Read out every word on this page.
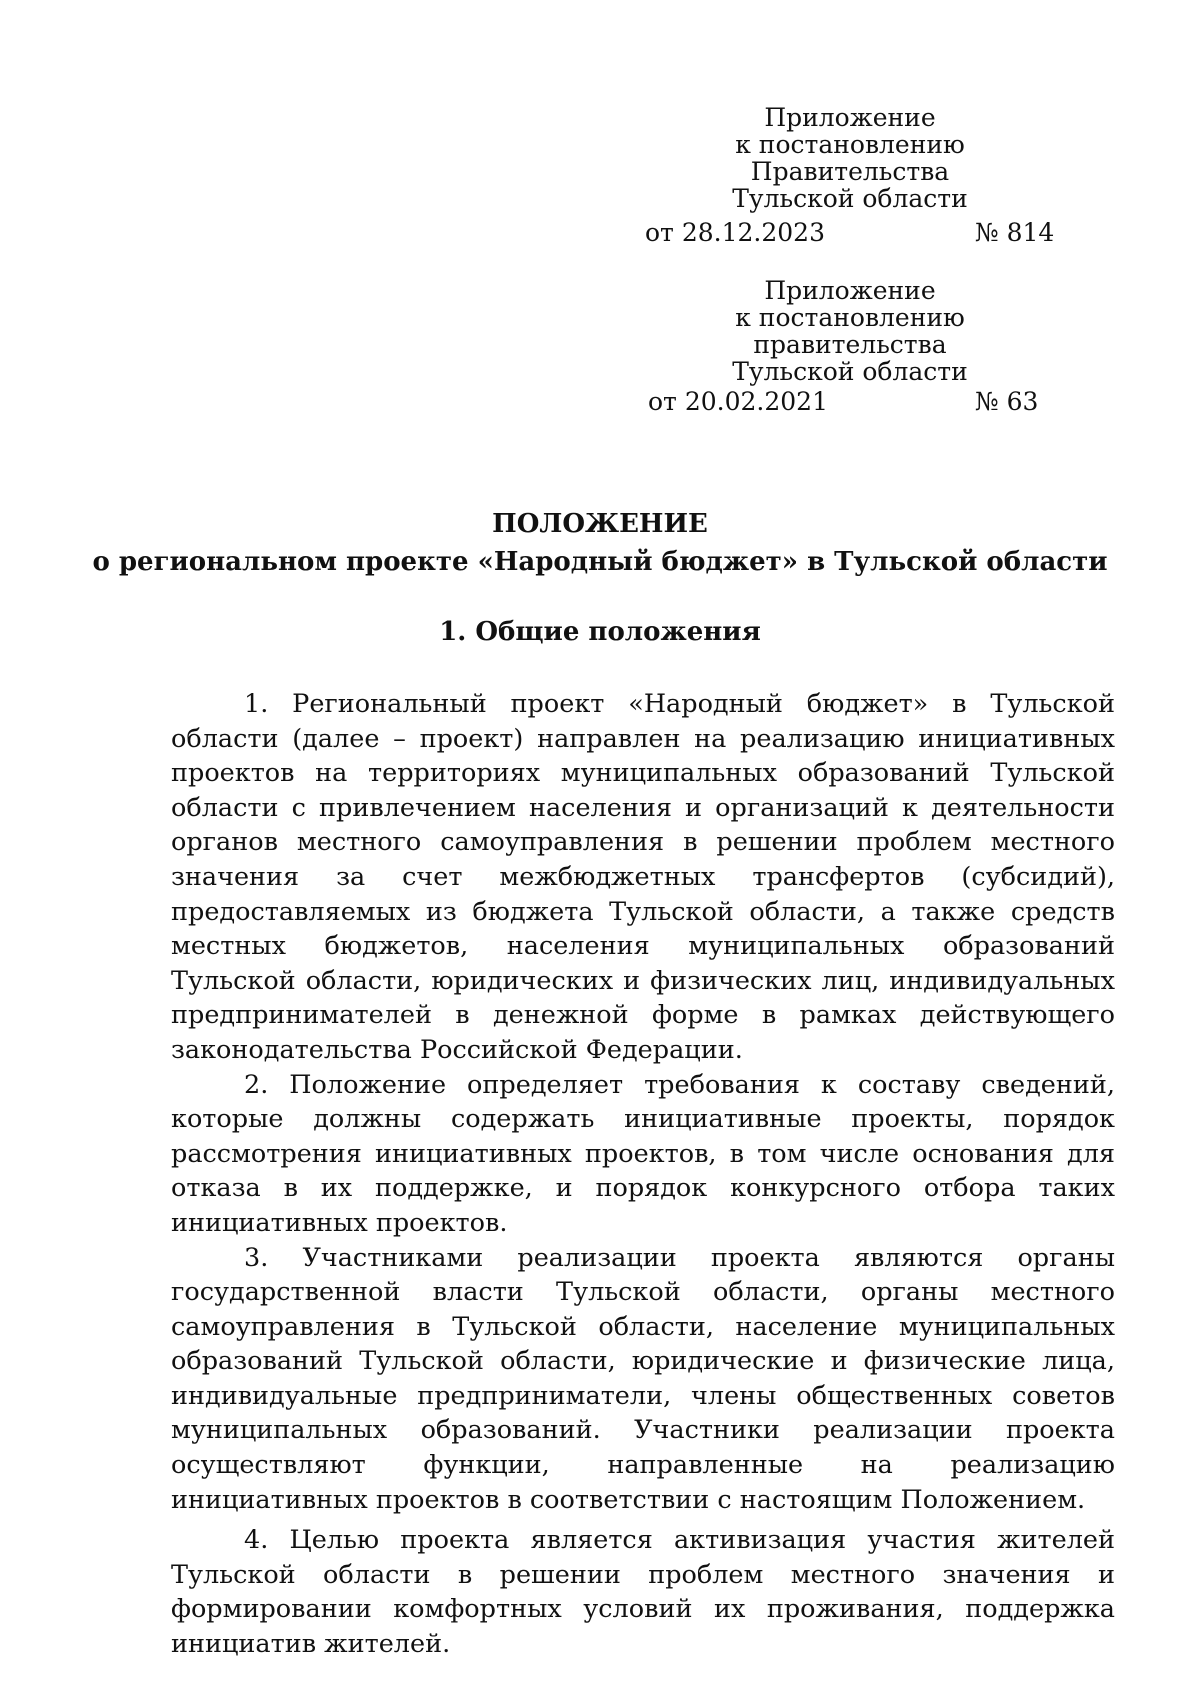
Приложение
к постановлению Правительства
Тульской области
от 28.12.2023	№ 814
Приложение
к постановлению правительства
Тульской области
от 20.02.2021	№ 63
ПОЛОЖЕНИЕ
о региональном проекте «Народный бюджет» в Тульской области
1. Общие положения

1. Региональный проект «Народный бюджет» в Тульской области (далее – проект) направлен на реализацию инициативных проектов на территориях муниципальных образований Тульской области с привлечением населения и организаций к деятельности органов местного самоуправления в решении проблем местного значения за счет межбюджетных трансфертов (субсидий), предоставляемых из бюджета Тульской области, а также средств местных бюджетов, населения муниципальных образований Тульской области, юридических и физических лиц, индивидуальных предпринимателей в денежной форме в рамках действующего законодательства Российской Федерации.

2. Положение определяет требования к составу сведений, которые должны содержать инициативные проекты, порядок рассмотрения инициативных проектов, в том числе основания для отказа в их поддержке, и порядок конкурсного отбора таких инициативных проектов.

3. Участниками реализации проекта являются органы государственной власти Тульской области, органы местного самоуправления в Тульской области, население муниципальных образований Тульской области, юридические и физические лица, индивидуальные предприниматели, члены общественных советов муниципальных образований. Участники реализации проекта осуществляют функции, направленные на реализацию инициативных проектов в соответствии с настоящим Положением.

4. Целью проекта является активизация участия жителей Тульской области в решении проблем местного значения и формировании комфортных условий их проживания, поддержка инициатив жителей.
